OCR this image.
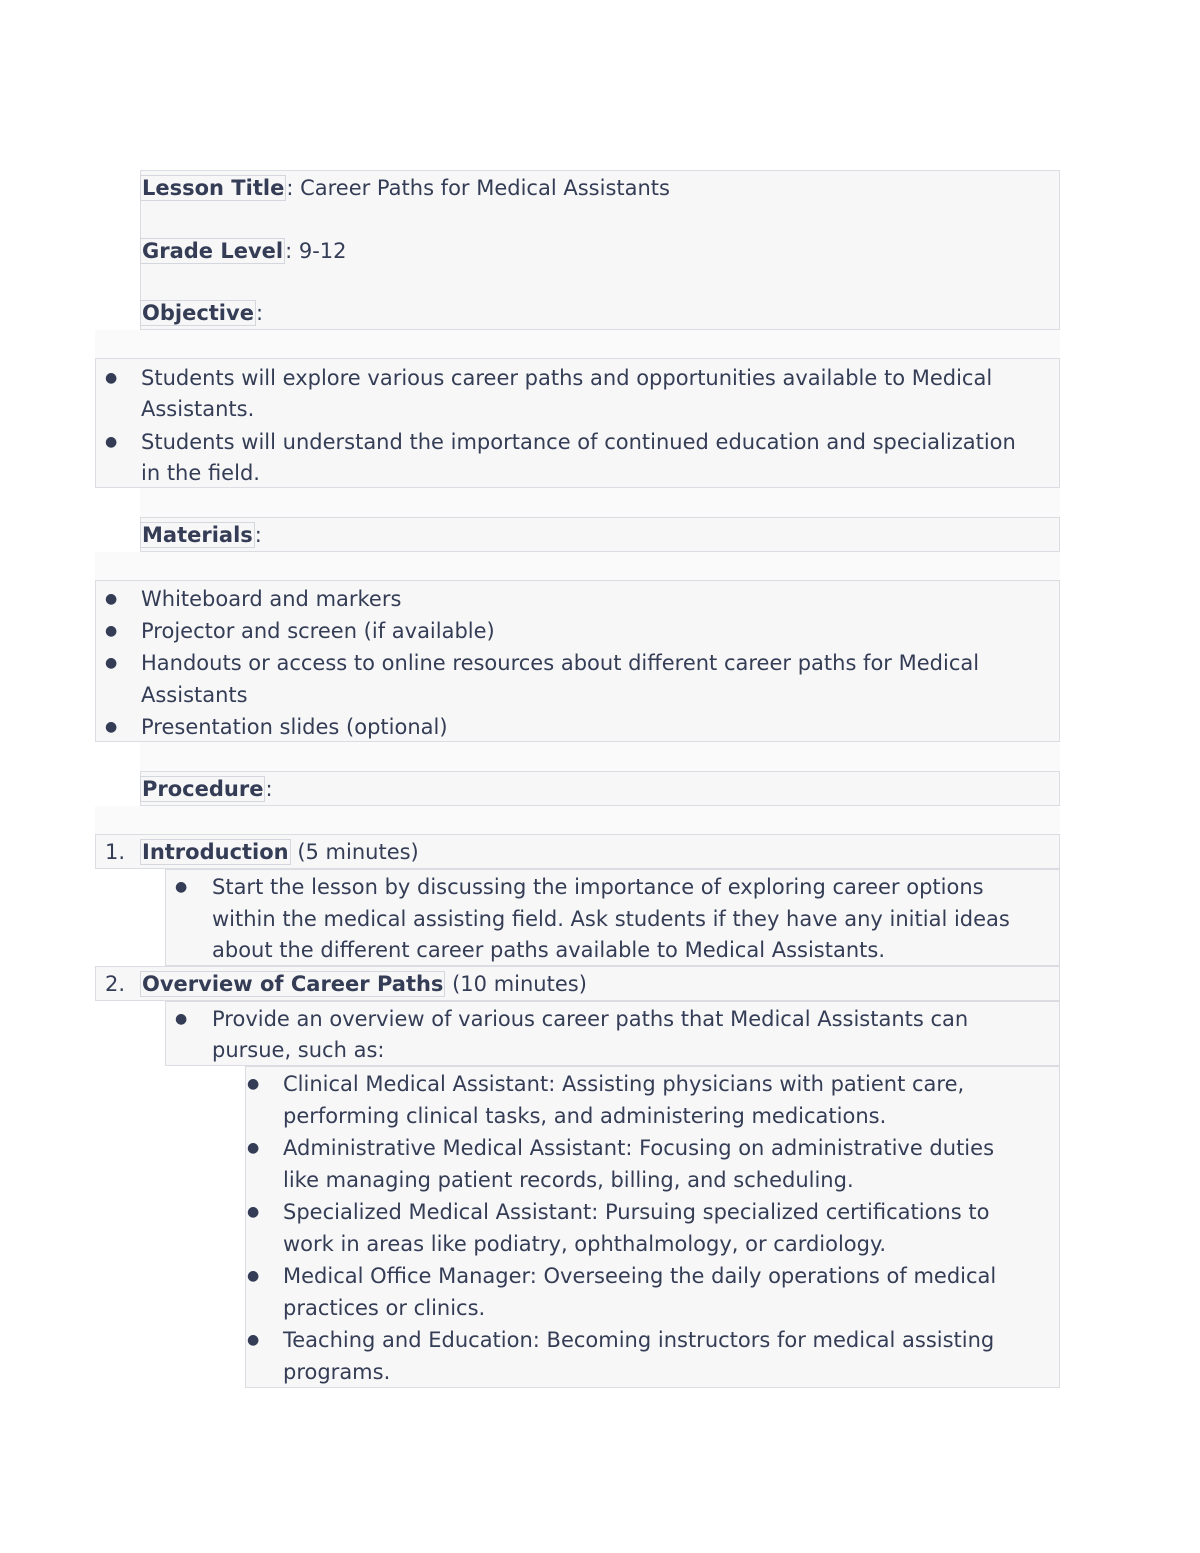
Lesson Title: Career Paths for Medical Assistants
Grade Level: 9-12
Objective:
● Students will explore various career paths and opportunities available to Medical
Assistants.
● Students will understand the importance of continued education and specialization
in the field.
Materials:
● Whiteboard and markers
● Projector and screen (if available)
● Handouts or access to online resources about different career paths for Medical
Assistants
● Presentation slides (optional)
Procedure:
1. Introduction (5 minutes)
● Start the lesson by discussing the importance of exploring career options
within the medical assisting field. Ask students if they have any initial ideas
about the different career paths available to Medical Assistants.
2. Overview of Career Paths (10 minutes)
● Provide an overview of various career paths that Medical Assistants can
pursue, such as:
● Clinical Medical Assistant: Assisting physicians with patient care,
performing clinical tasks, and administering medications.
● Administrative Medical Assistant: Focusing on administrative duties
like managing patient records, billing, and scheduling.
● Specialized Medical Assistant: Pursuing specialized certifications to
work in areas like podiatry, ophthalmology, or cardiology.
● Medical Office Manager: Overseeing the daily operations of medical
practices or clinics.
● Teaching and Education: Becoming instructors for medical assisting
programs.
